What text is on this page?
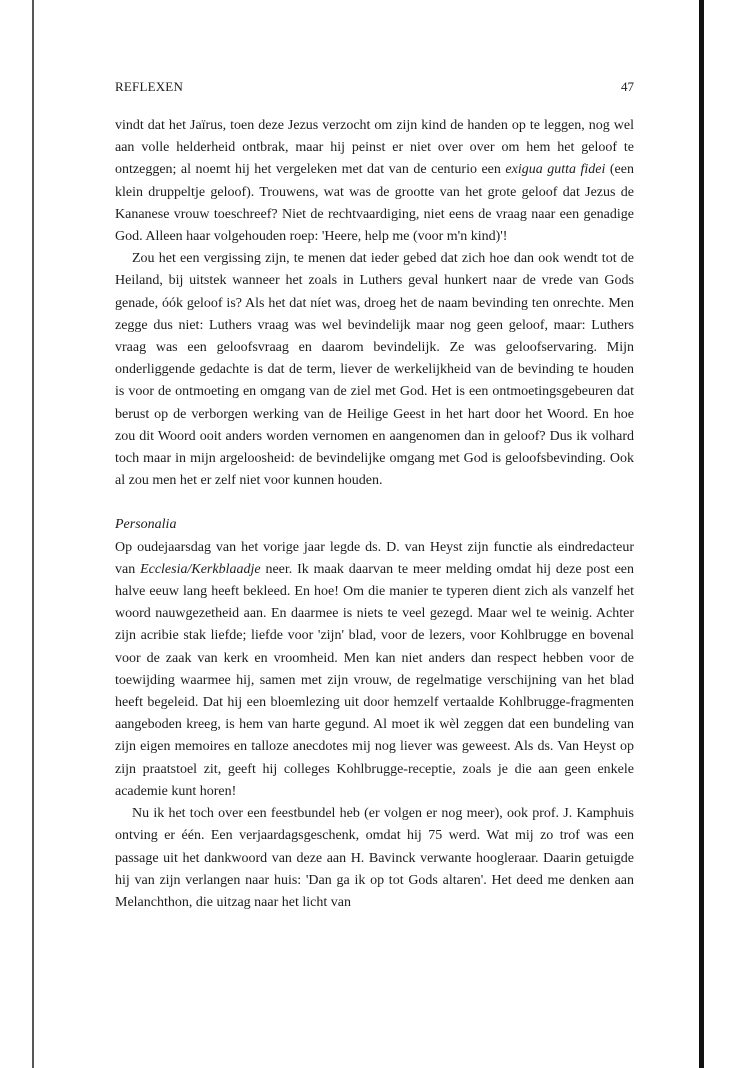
REFLEXEN	47

vindt dat het Jaïrus, toen deze Jezus verzocht om zijn kind de handen op te leggen, nog wel aan volle helderheid ontbrak, maar hij peinst er niet over over om hem het geloof te ontzeggen; al noemt hij het vergeleken met dat van de centurio een exigua gutta fidei (een klein druppeltje geloof). Trouwens, wat was de grootte van het grote geloof dat Jezus de Kananese vrouw toeschreef? Niet de rechtvaardiging, niet eens de vraag naar een genadige God. Alleen haar volgehouden roep: 'Heere, help me (voor m'n kind)'!

Zou het een vergissing zijn, te menen dat ieder gebed dat zich hoe dan ook wendt tot de Heiland, bij uitstek wanneer het zoals in Luthers geval hunkert naar de vrede van Gods genade, óók geloof is? Als het dat níet was, droeg het de naam bevinding ten onrechte. Men zegge dus niet: Luthers vraag was wel bevindelijk maar nog geen geloof, maar: Luthers vraag was een geloofsvraag en daarom bevindelijk. Ze was geloofservaring. Mijn onderliggende gedachte is dat de term, liever de werkelijkheid van de bevinding te houden is voor de ontmoeting en omgang van de ziel met God. Het is een ontmoetingsgebeuren dat berust op de verborgen werking van de Heilige Geest in het hart door het Woord. En hoe zou dit Woord ooit anders worden vernomen en aangenomen dan in geloof? Dus ik volhard toch maar in mijn argeloosheid: de bevindelijke omgang met God is geloofsbevinding. Ook al zou men het er zelf niet voor kunnen houden.

Personalia

Op oudejaarsdag van het vorige jaar legde ds. D. van Heyst zijn functie als eindredacteur van Ecclesia/Kerkblaadje neer. Ik maak daarvan te meer melding omdat hij deze post een halve eeuw lang heeft bekleed. En hoe! Om die manier te typeren dient zich als vanzelf het woord nauwgezetheid aan. En daarmee is niets te veel gezegd. Maar wel te weinig. Achter zijn acribie stak liefde; liefde voor 'zijn' blad, voor de lezers, voor Kohlbrugge en bovenal voor de zaak van kerk en vroomheid. Men kan niet anders dan respect hebben voor de toewijding waarmee hij, samen met zijn vrouw, de regelmatige verschijning van het blad heeft begeleid. Dat hij een bloemlezing uit door hemzelf vertaalde Kohlbrugge-fragmenten aangeboden kreeg, is hem van harte gegund. Al moet ik wèl zeggen dat een bundeling van zijn eigen memoires en talloze anecdotes mij nog liever was geweest. Als ds. Van Heyst op zijn praatstoel zit, geeft hij colleges Kohlbrugge-receptie, zoals je die aan geen enkele academie kunt horen!

Nu ik het toch over een feestbundel heb (er volgen er nog meer), ook prof. J. Kamphuis ontving er één. Een verjaardagsgeschenk, omdat hij 75 werd. Wat mij zo trof was een passage uit het dankwoord van deze aan H. Bavinck verwante hoogleraar. Daarin getuigde hij van zijn verlangen naar huis: 'Dan ga ik op tot Gods altaren'. Het deed me denken aan Melanchthon, die uitzag naar het licht van
